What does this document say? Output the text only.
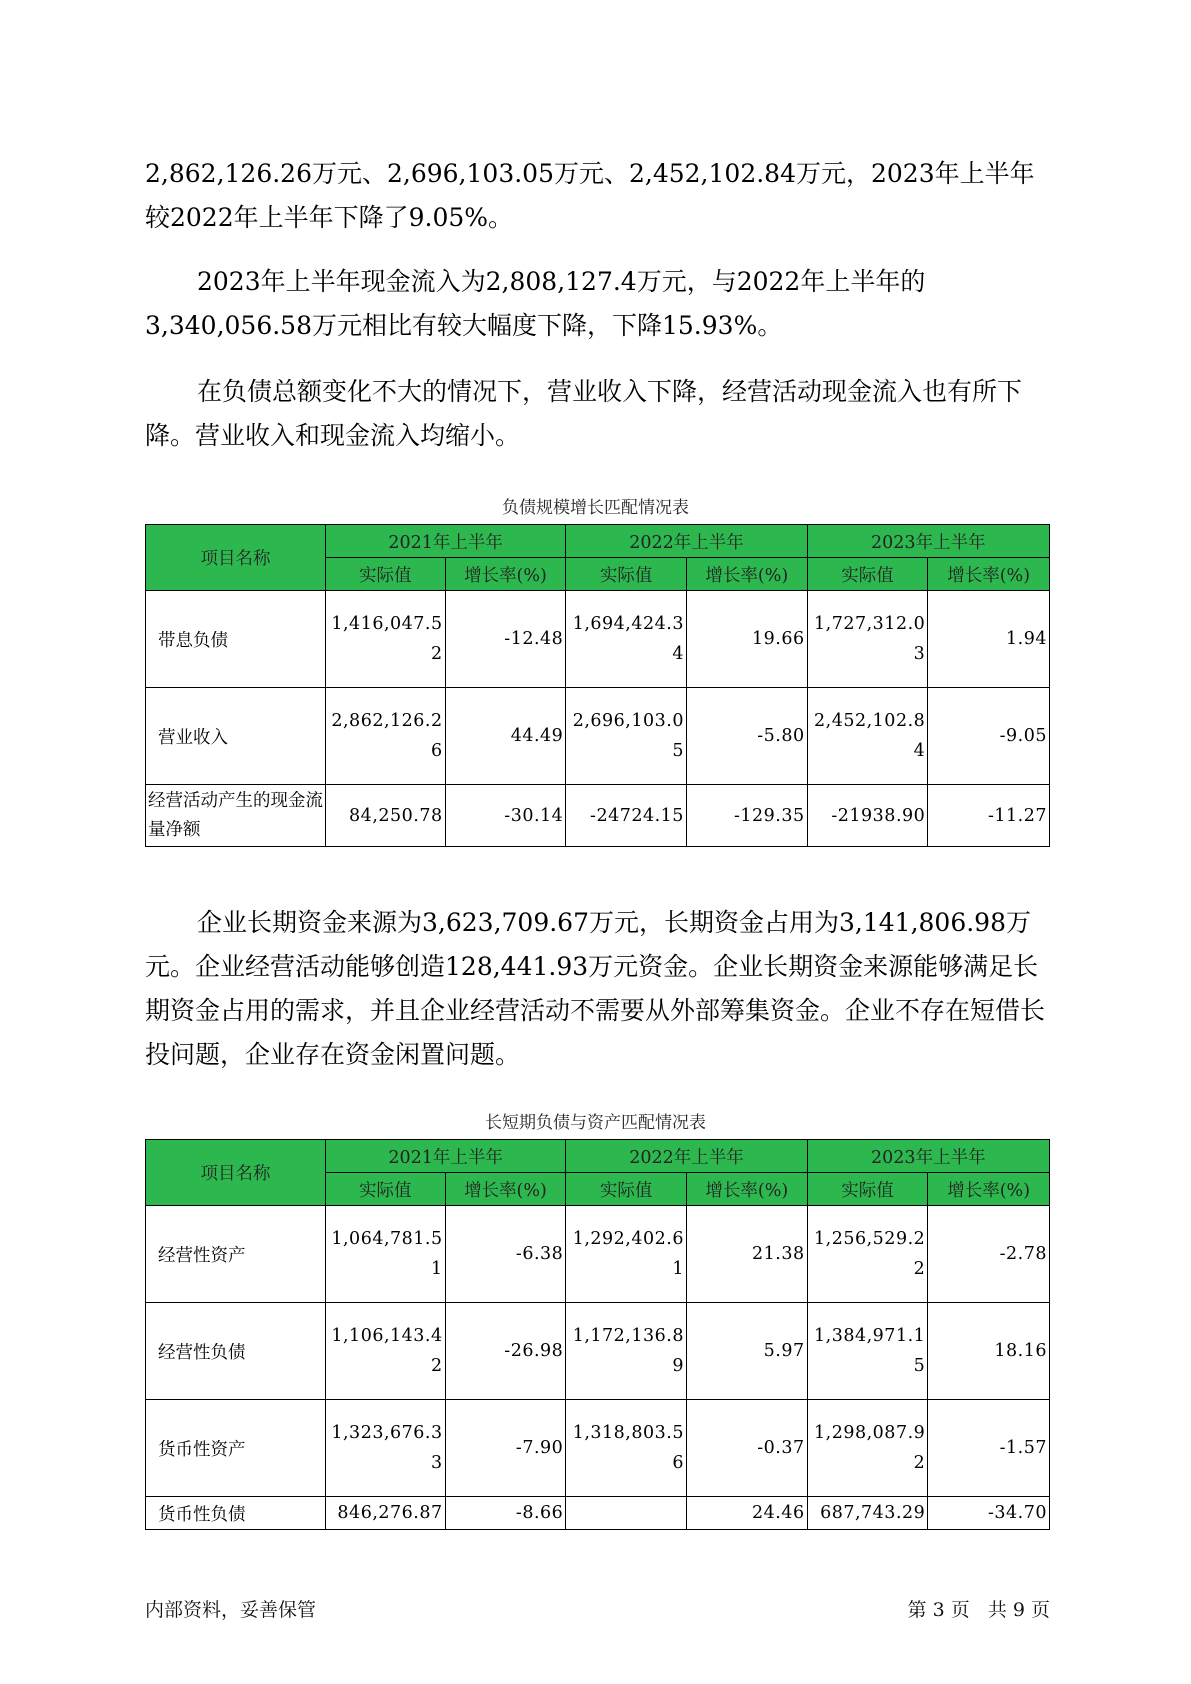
2,862,126.26万元、2,696,103.05万元、2,452,102.84万元，2023年上半年较2022年上半年下降了9.05%。

2023年上半年现金流入为2,808,127.4万元，与2022年上半年的3,340,056.58万元相比有较大幅度下降，下降15.93%。

在负债总额变化不大的情况下，营业收入下降，经营活动现金流入也有所下降。营业收入和现金流入均缩小。

负债规模增长匹配情况表
项目名称	2021年上半年		2022年上半年		2023年上半年	
	实际值	增长率(%)	实际值	增长率(%)	实际值	增长率(%)
带息负债	1,416,047.52	-12.48	1,694,424.34	19.66	1,727,312.03	1.94
营业收入	2,862,126.26	44.49	2,696,103.05	-5.80	2,452,102.84	-9.05
经营活动产生的现金流量净额	84,250.78	-30.14	-24724.15	-129.35	-21938.90	-11.27

企业长期资金来源为3,623,709.67万元，长期资金占用为3,141,806.98万元。企业经营活动能够创造128,441.93万元资金。企业长期资金来源能够满足长期资金占用的需求，并且企业经营活动不需要从外部筹集资金。企业不存在短借长投问题，企业存在资金闲置问题。

长短期负债与资产匹配情况表
项目名称	2021年上半年		2022年上半年		2023年上半年	
	实际值	增长率(%)	实际值	增长率(%)	实际值	增长率(%)
经营性资产	1,064,781.51	-6.38	1,292,402.61	21.38	1,256,529.22	-2.78
经营性负债	1,106,143.42	-26.98	1,172,136.89	5.97	1,384,971.15	18.16
货币性资产	1,323,676.33	-7.90	1,318,803.56	-0.37	1,298,087.92	-1.57
货币性负债	846,276.87	-8.66		24.46	687,743.29	-34.70
内部资料，妥善保管	第 3 页   共 9 页
